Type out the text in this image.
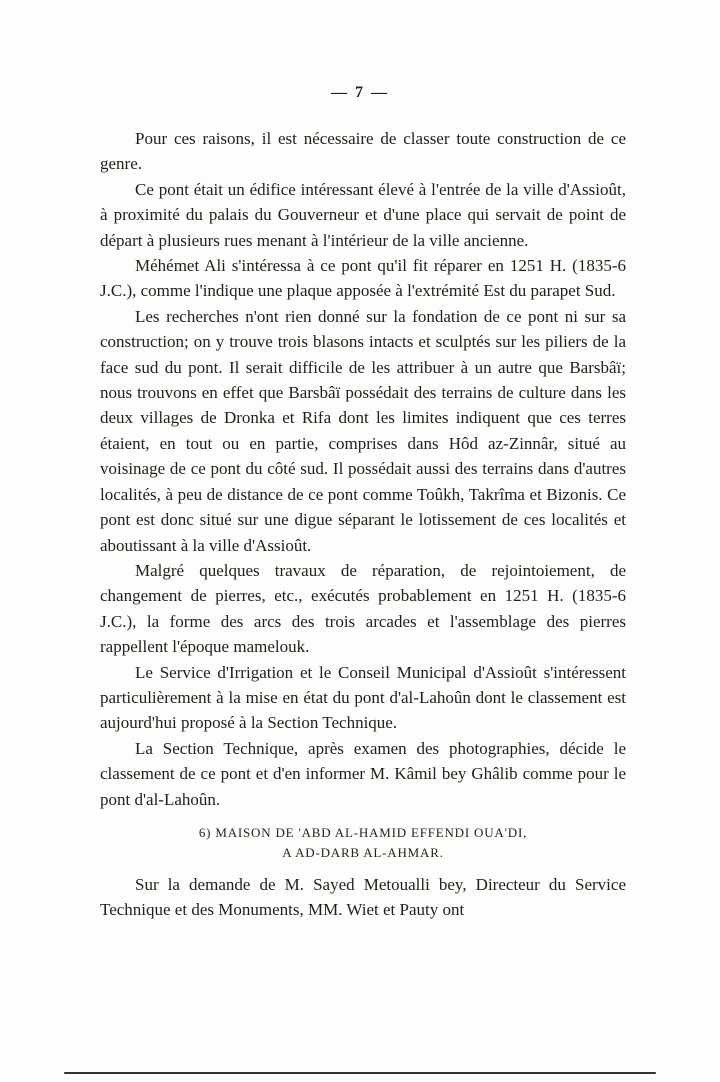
— 7 —

Pour ces raisons, il est nécessaire de classer toute construction de ce genre.

Ce pont était un édifice intéressant élevé à l'entrée de la ville d'Assioût, à proximité du palais du Gouverneur et d'une place qui servait de point de départ à plusieurs rues menant à l'intérieur de la ville ancienne.

Méhémet Ali s'intéressa à ce pont qu'il fit réparer en 1251 H. (1835-6 J.C.), comme l'indique une plaque apposée à l'extrémité Est du parapet Sud.

Les recherches n'ont rien donné sur la fondation de ce pont ni sur sa construction; on y trouve trois blasons intacts et sculptés sur les piliers de la face sud du pont. Il serait difficile de les attribuer à un autre que Barsbâï; nous trouvons en effet que Barsbâï possédait des terrains de culture dans les deux villages de Dronka et Rifa dont les limites indiquent que ces terres étaient, en tout ou en partie, comprises dans Hôd az-Zinnâr, situé au voisinage de ce pont du côté sud. Il possédait aussi des terrains dans d'autres localités, à peu de distance de ce pont comme Toûkh, Takrîma et Bizonis. Ce pont est donc situé sur une digue séparant le lotissement de ces localités et aboutissant à la ville d'Assioût.

Malgré quelques travaux de réparation, de rejointoiement, de changement de pierres, etc., exécutés probablement en 1251 H. (1835-6 J.C.), la forme des arcs des trois arcades et l'assemblage des pierres rappellent l'époque mamelouk.

Le Service d'Irrigation et le Conseil Municipal d'Assioût s'intéressent particulièrement à la mise en état du pont d'al-Lahoûn dont le classement est aujourd'hui proposé à la Section Technique.

La Section Technique, après examen des photographies, décide le classement de ce pont et d'en informer M. Kâmil bey Ghâlib comme pour le pont d'al-Lahoûn.

6) MAISON DE 'ABD AL-HAMID EFFENDI OUA'DI,
A AD-DARB AL-AHMAR.

Sur la demande de M. Sayed Metoualli bey, Directeur du Service Technique et des Monuments, MM. Wiet et Pauty ont
